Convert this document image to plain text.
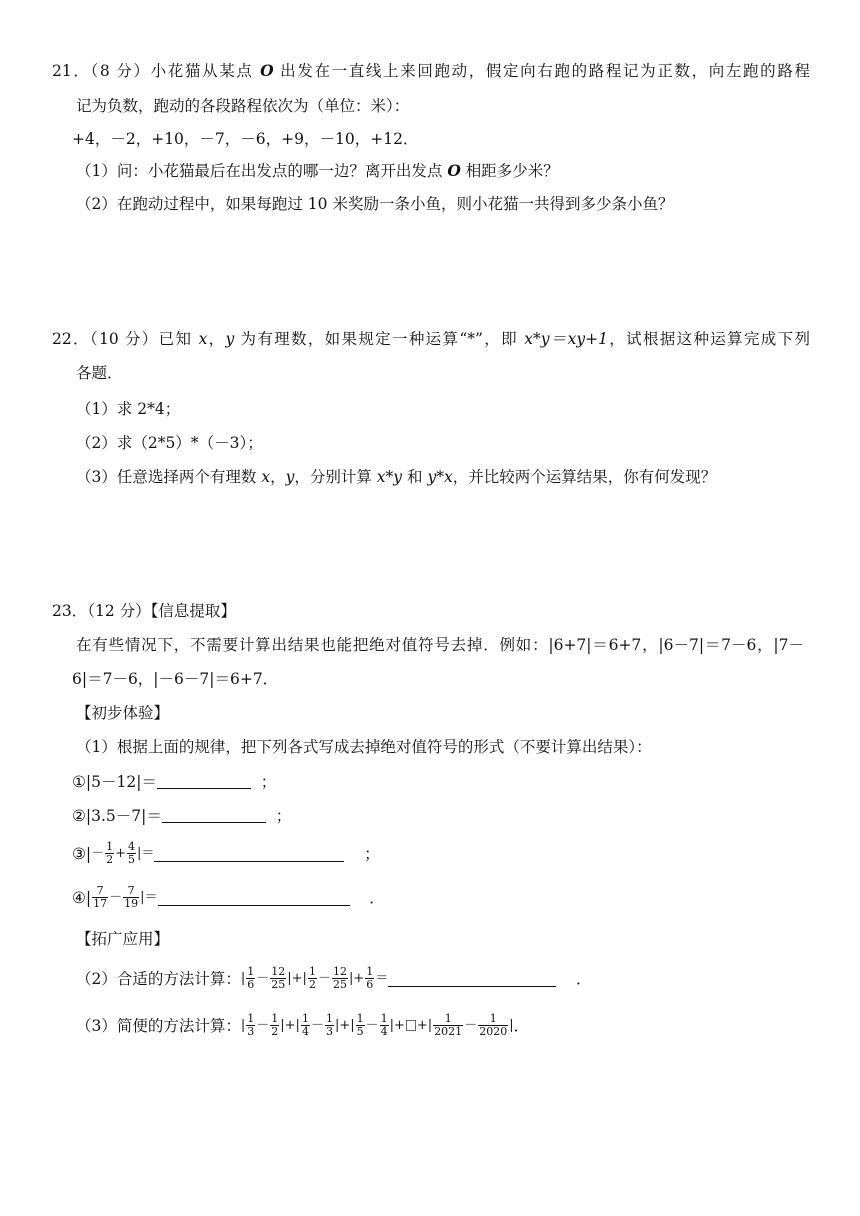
21．（8 分）小花猫从某点 O 出发在一直线上来回跑动，假定向右跑的路程记为正数，向左跑的路程
记为负数，跑动的各段路程依次为（单位：米）：
+4，－2，+10，－7，－6，+9，－10，+12．
（1）问：小花猫最后在出发点的哪一边？离开出发点 O 相距多少米？
（2）在跑动过程中，如果每跑过 10 米奖励一条小鱼，则小花猫一共得到多少条小鱼？
22．（10 分）已知 x，y 为有理数，如果规定一种运算“*”，即 x*y＝xy+1，试根据这种运算完成下列
各题．
（1）求 2*4；
（2）求（2*5）*（－3）；
（3）任意选择两个有理数 x，y，分别计算 x*y 和 y*x，并比较两个运算结果，你有何发现？
23．（12 分）【信息提取】
在有些情况下，不需要计算出结果也能把绝对值符号去掉．例如：|6+7|＝6+7，|6－7|＝7－6，|7－
6|＝7－6，|－6－7|＝6+7．
【初步体验】
（1）根据上面的规律，把下列各式写成去掉绝对值符号的形式（不要计算出结果）：
①|5－12|＝	；
②|3.5－7|＝	；
③| － $\frac{1}{2} + \frac{4}{5}$ |＝
	；
④| $\frac{7}{17} - \frac{7}{19}$ |＝
	．
【拓广应用】
（2）合适的方法计算： | $\frac{1}{6} - \frac{12}{25}$ |+| $\frac{1}{2} - \frac{12}{25}$ |+ $\frac{1}{6}$ ＝
	．
（3）简便的方法计算： | $\frac{1}{3} - \frac{1}{2}$ |+| $\frac{1}{4} - \frac{1}{3}$ |+| $\frac{1}{5} - \frac{1}{4}$ |+ +| $\frac{1}{2021} - \frac{1}{2020}$ | ．
